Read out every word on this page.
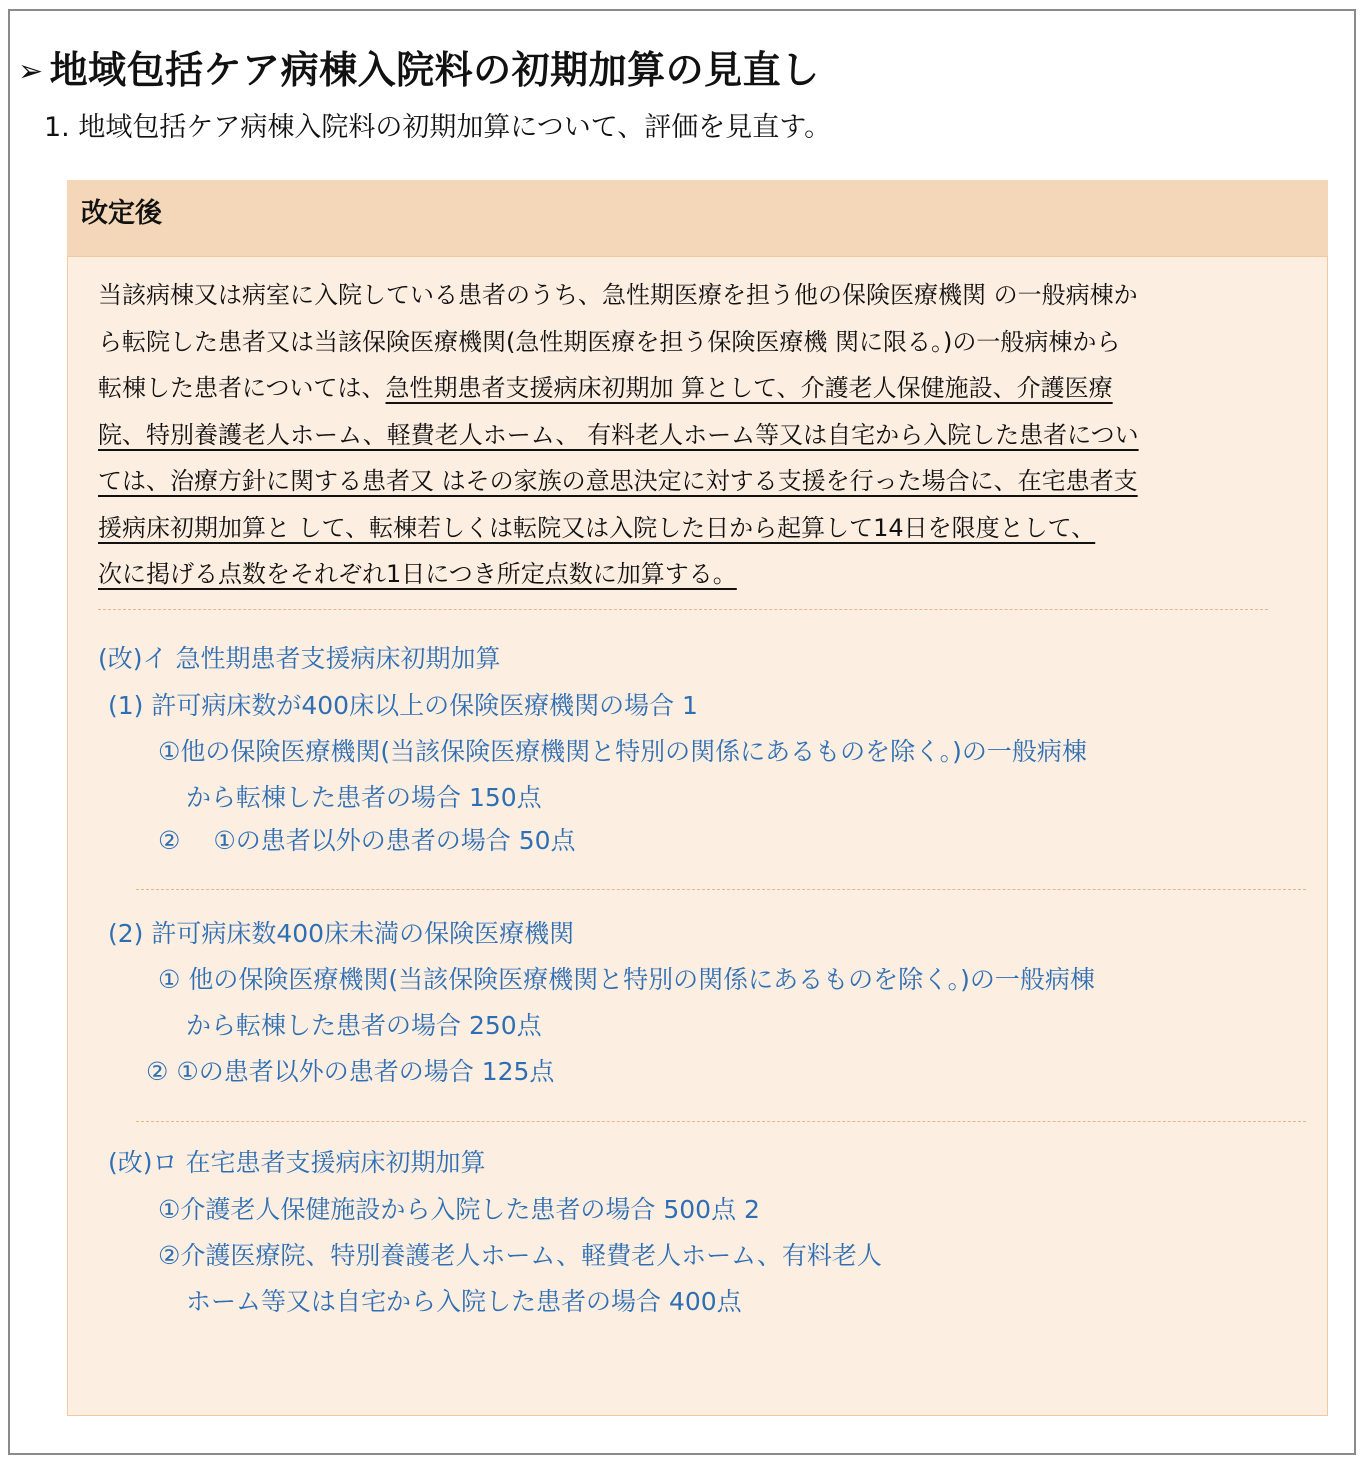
➢ 地域包括ケア病棟入院料の初期加算の見直し
1. 地域包括ケア病棟入院料の初期加算について、評価を見直す。
改定後
当該病棟又は病室に入院している患者のうち、急性期医療を担う他の保険医療機関 の一般病棟か
ら転院した患者又は当該保険医療機関(急性期医療を担う保険医療機 関に限る。)の一般病棟から
転棟した患者については、急性期患者支援病床初期加 算として、介護老人保健施設、介護医療
院、特別養護老人ホーム、軽費老人ホーム、 有料老人ホーム等又は自宅から入院した患者につい
ては、治療方針に関する患者又 はその家族の意思決定に対する支援を行った場合に、在宅患者支
援病床初期加算と して、転棟若しくは転院又は入院した日から起算して14日を限度として、
次に掲げる点数をそれぞれ1日につき所定点数に加算する。
(改)イ 急性期患者支援病床初期加算
(1) 許可病床数が400床以上の保険医療機関の場合 1
①他の保険医療機関(当該保険医療機関と特別の関係にあるものを除く。)の一般病棟
から転棟した患者の場合 150点
②　 ①の患者以外の患者の場合 50点
(2) 許可病床数400床未満の保険医療機関
① 他の保険医療機関(当該保険医療機関と特別の関係にあるものを除く。)の一般病棟
から転棟した患者の場合 250点
② ①の患者以外の患者の場合 125点
(改)ロ 在宅患者支援病床初期加算
①介護老人保健施設から入院した患者の場合 500点 2
②介護医療院、特別養護老人ホーム、軽費老人ホーム、有料老人
ホーム等又は自宅から入院した患者の場合 400点
